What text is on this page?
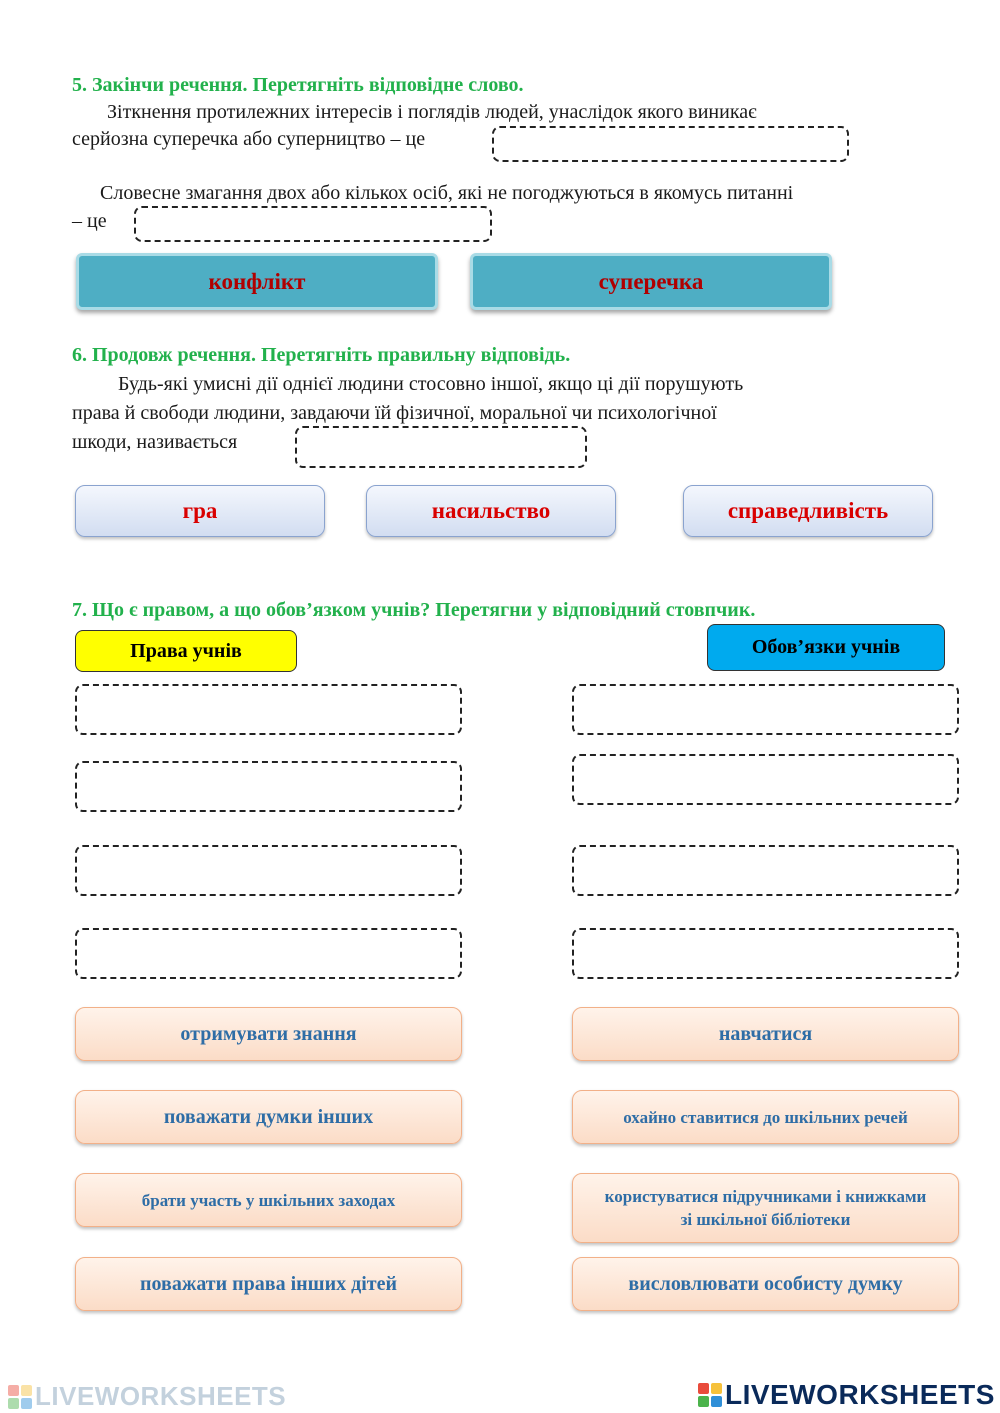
5. Закінчи речення. Перетягніть відповідне слово.
Зіткнення протилежних інтересів і поглядів людей, унаслідок якого виникає
серйозна суперечка або суперництво – це
Словесне змагання двох або кількох осіб, які не погоджуються в якомусь питанні
– це
конфлікт	суперечка
6. Продовж речення. Перетягніть правильну відповідь.
Будь-які умисні дії однієї людини стосовно іншої, якщо ці дії порушують
права й свободи людини, завдаючи їй фізичної, моральної чи психологічної
шкоди, називається
гра	насильство	справедливість
7. Що є правом, а що обов’язком учнів? Перетягни у відповідний стовпчик.
Права учнів	Обов’язки учнів
отримувати знання
поважати думки інших
брати участь у шкільних заходах
поважати права інших дітей
навчатися
охайно ставитися до шкільних речей
користуватися підручниками і книжками зі шкільної бібліотеки
висловлювати особисту думку
LIVEWORKSHEETS	LIVEWORKSHEETS
